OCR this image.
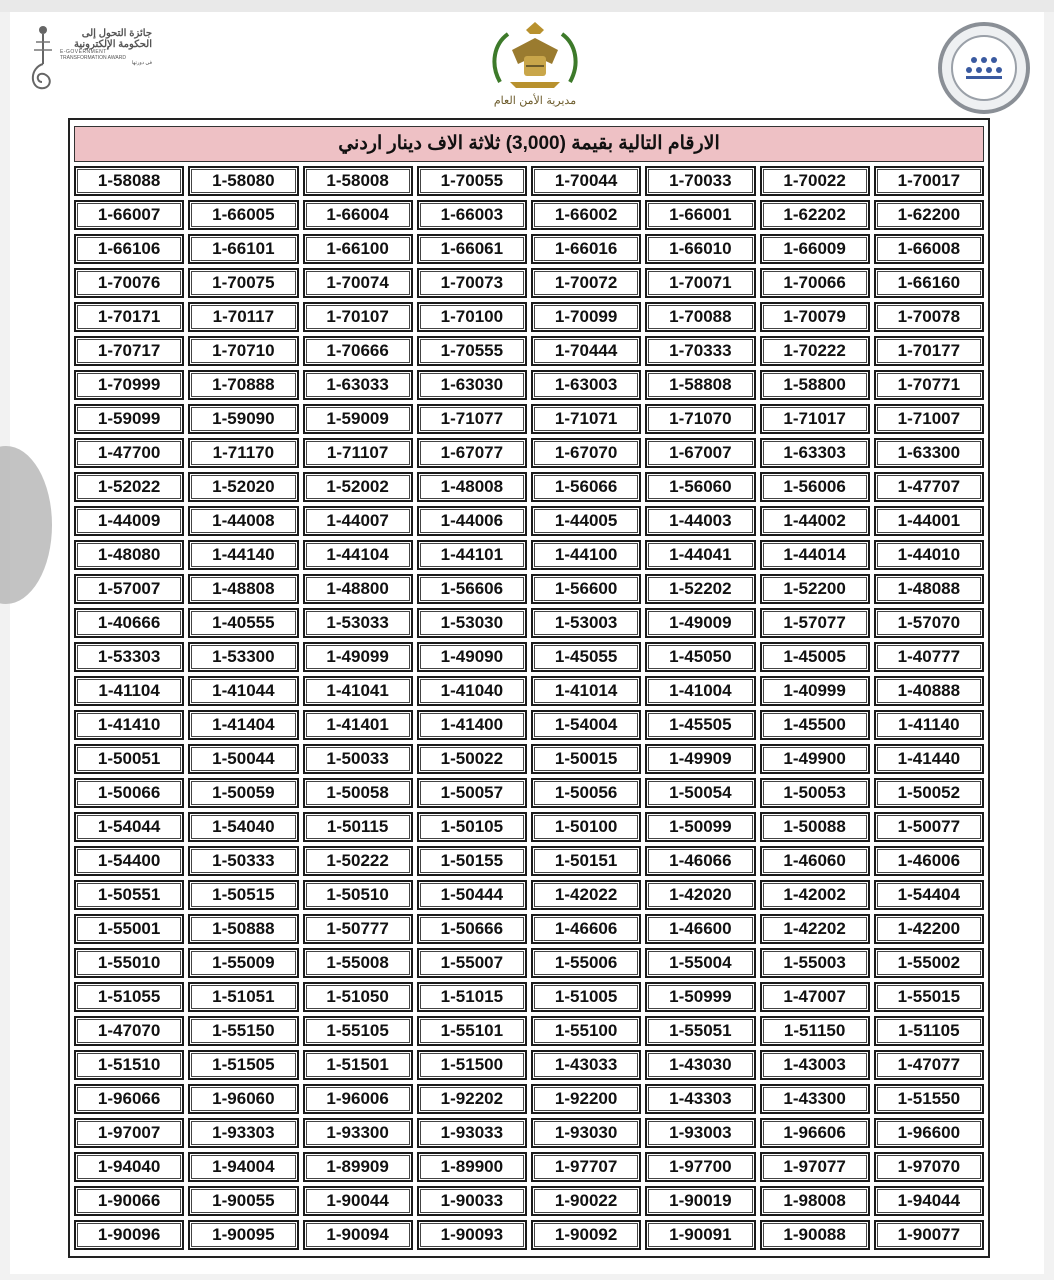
جائزة التحول إلى
الحكومة الإلكترونية
E-GOVERNMENT
TRANSFORMATION AWARD
في دورتها
مديرية الأمن العام
الارقام التالية بقيمة (3,000) ثلاثة الاف دينار اردني
1-58088	1-58080	1-58008	1-70055	1-70044	1-70033	1-70022	1-70017
1-66007	1-66005	1-66004	1-66003	1-66002	1-66001	1-62202	1-62200
1-66106	1-66101	1-66100	1-66061	1-66016	1-66010	1-66009	1-66008
1-70076	1-70075	1-70074	1-70073	1-70072	1-70071	1-70066	1-66160
1-70171	1-70117	1-70107	1-70100	1-70099	1-70088	1-70079	1-70078
1-70717	1-70710	1-70666	1-70555	1-70444	1-70333	1-70222	1-70177
1-70999	1-70888	1-63033	1-63030	1-63003	1-58808	1-58800	1-70771
1-59099	1-59090	1-59009	1-71077	1-71071	1-71070	1-71017	1-71007
1-47700	1-71170	1-71107	1-67077	1-67070	1-67007	1-63303	1-63300
1-52022	1-52020	1-52002	1-48008	1-56066	1-56060	1-56006	1-47707
1-44009	1-44008	1-44007	1-44006	1-44005	1-44003	1-44002	1-44001
1-48080	1-44140	1-44104	1-44101	1-44100	1-44041	1-44014	1-44010
1-57007	1-48808	1-48800	1-56606	1-56600	1-52202	1-52200	1-48088
1-40666	1-40555	1-53033	1-53030	1-53003	1-49009	1-57077	1-57070
1-53303	1-53300	1-49099	1-49090	1-45055	1-45050	1-45005	1-40777
1-41104	1-41044	1-41041	1-41040	1-41014	1-41004	1-40999	1-40888
1-41410	1-41404	1-41401	1-41400	1-54004	1-45505	1-45500	1-41140
1-50051	1-50044	1-50033	1-50022	1-50015	1-49909	1-49900	1-41440
1-50066	1-50059	1-50058	1-50057	1-50056	1-50054	1-50053	1-50052
1-54044	1-54040	1-50115	1-50105	1-50100	1-50099	1-50088	1-50077
1-54400	1-50333	1-50222	1-50155	1-50151	1-46066	1-46060	1-46006
1-50551	1-50515	1-50510	1-50444	1-42022	1-42020	1-42002	1-54404
1-55001	1-50888	1-50777	1-50666	1-46606	1-46600	1-42202	1-42200
1-55010	1-55009	1-55008	1-55007	1-55006	1-55004	1-55003	1-55002
1-51055	1-51051	1-51050	1-51015	1-51005	1-50999	1-47007	1-55015
1-47070	1-55150	1-55105	1-55101	1-55100	1-55051	1-51150	1-51105
1-51510	1-51505	1-51501	1-51500	1-43033	1-43030	1-43003	1-47077
1-96066	1-96060	1-96006	1-92202	1-92200	1-43303	1-43300	1-51550
1-97007	1-93303	1-93300	1-93033	1-93030	1-93003	1-96606	1-96600
1-94040	1-94004	1-89909	1-89900	1-97707	1-97700	1-97077	1-97070
1-90066	1-90055	1-90044	1-90033	1-90022	1-90019	1-98008	1-94044
1-90096	1-90095	1-90094	1-90093	1-90092	1-90091	1-90088	1-90077
